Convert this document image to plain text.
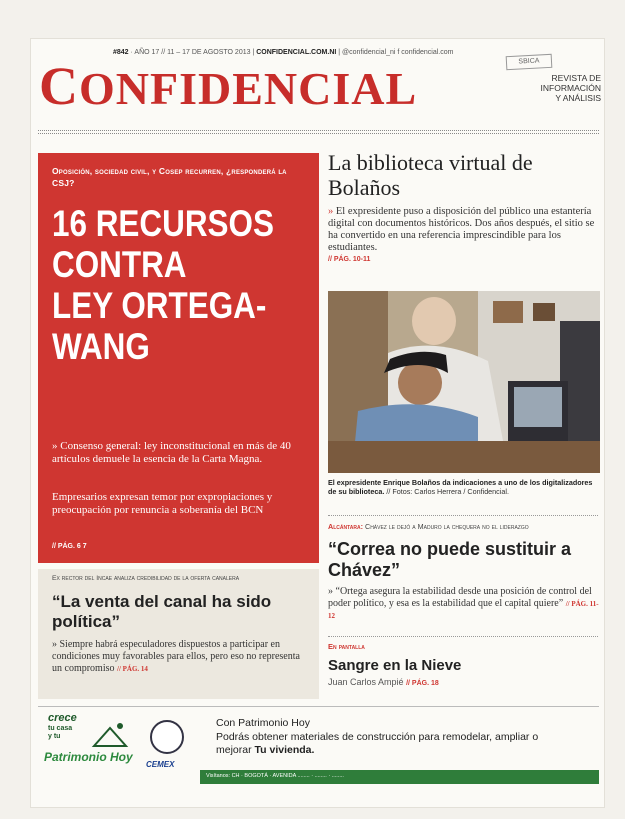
#842 · AÑO 17 // 11 – 17 DE AGOSTO 2013 | CONFIDENCIAL.COM.NI | @confidencial_ni f confidencial.com
SBICA
CONFIDENCIAL	REVISTA DE
INFORMACIÓN
Y ANÁLISIS
Oposición, sociedad civil, y Cosep recurren, ¿responderá la CSJ?
16 RECURSOS
CONTRA
LEY ORTEGA-
WANG
» Consenso general: ley inconstitucional en más de 40 artículos demuele la esencia de la Carta Magna.
Empresarios expresan temor por expropiaciones y preocupación por renuncia a soberanía del BCN
// PÁG. 6 7
La biblioteca virtual de Bolaños
» El expresidente puso a disposición del público una estantería digital con documentos históricos. Dos años después, el sitio se ha convertido en una referencia imprescindible para los estudiantes.
// PÁG. 10-11
El expresidente Enrique Bolaños da indicaciones a uno de los digitalizadores de su biblioteca. // Fotos: Carlos Herrera / Confidencial.
Alcántara: Chávez le dejó a Maduro la chequera no el liderazgo
“Correa no puede sustituir a Chávez”
» “Ortega asegura la estabilidad desde una posición de control del poder político, y esa es la estabilidad que el capital quiere” // PÁG. 11-12
En pantalla
Sangre en la Nieve
Juan Carlos Ampié // PÁG. 18
Ex rector del Incae analiza credibilidad de la oferta canalera
“La venta del canal ha sido política”
» Siempre habrá especuladores dispuestos a participar en condiciones muy favorables para ellos, pero eso no representa un compromiso // PÁG. 14
crece
tu casa
y tu
Patrimonio Hoy
CEMEX
Con Patrimonio Hoy
Podrás obtener materiales de construcción para remodelar, ampliar o mejorar Tu vivienda.
Visítanos: CH · BOGOTÁ · AVENIDA ........ · ........ · ........
